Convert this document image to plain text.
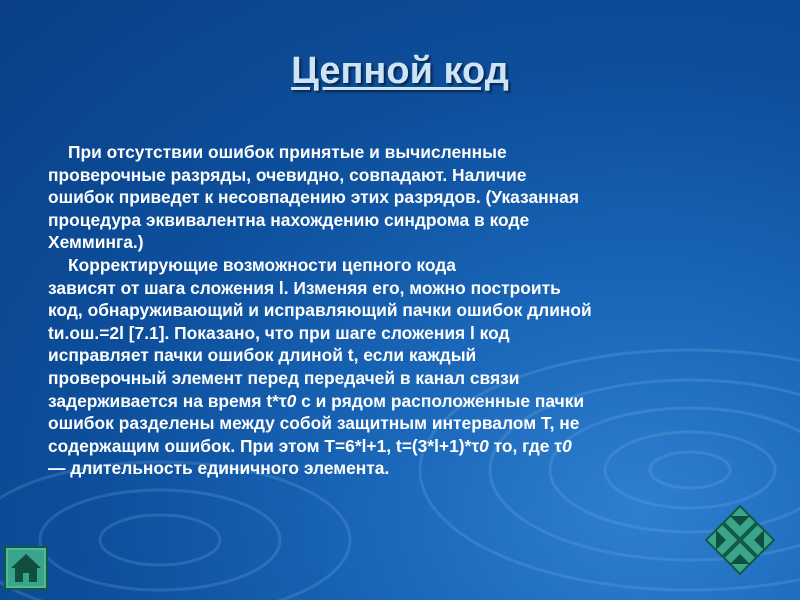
Цепной код

При отсутствии ошибок принятые и вычисленные

проверочные разряды, очевидно, совпадают. Наличие

ошибок приведет к несовпадению этих разрядов. (Указанная

процедура эквивалентна нахождению синдрома в коде

Хемминга.)

Корректирующие возможности цепного кода

зависят от шага сложения l. Изменяя его, можно построить

код, обнаруживающий и исправляющий пачки ошибок длиной

tи.ош.=2l [7.1]. Показано, что при шаге сложения l код

исправляет пачки ошибок длиной t, если каждый

проверочный элемент перед передачей в канал связи

задерживается на время t*τ0 с и рядом расположенные пачки

ошибок разделены между собой защитным интервалом T, не

содержащим ошибок. При этом T=6*l+1, t=(3*l+1)*τ0 то, где τ0

— длительность единичного элемента.
